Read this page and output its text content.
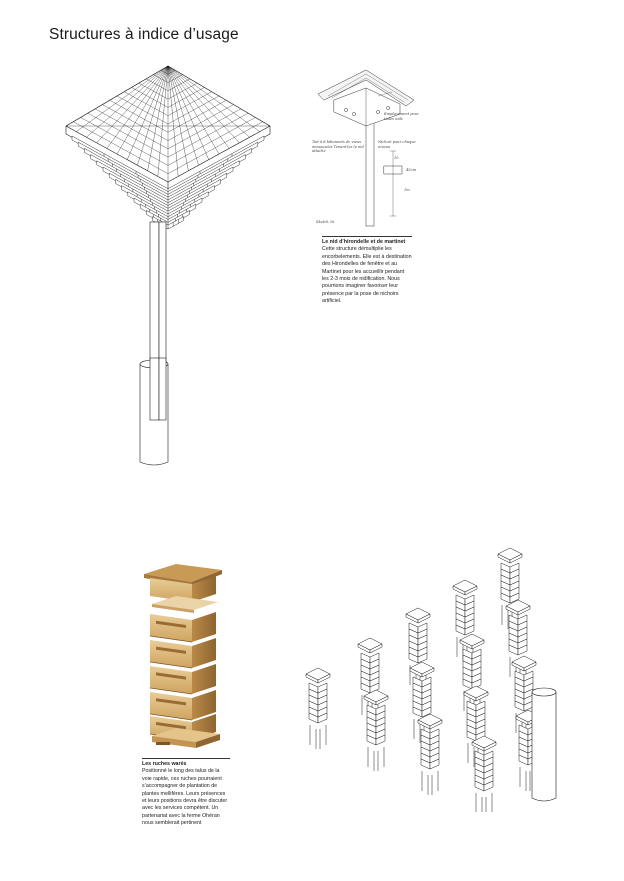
Structures à indice d’usage
Toit à 8 bâtonnets de vieux minuscules Tenant-les le nid attaché
Emplacement pour tuiles nids
Nichoir pour chaque niveau
10
45cm
1m
Sketch 26
Le nid d’hirondelle et de martinet
Cette structure démultiplie les encorbelements. Elle est à destination des Hirondelles de fenêtre et au Martinet pour les accueillir pendant les 2-3 mois de nidification. Nous pourrions imaginer favoriser leur présence par la pose de nichoirs artificiel.
Les ruches warés
Positionné le long des talus de la voie rapide, ces ruches pourraient s’accompagner de plantation de plantes mellifères. Leurs présences et leurs positions devra être discuter avec les services compétent. Un partenariat avec la ferme Ohéran nous semblerait pertinent
